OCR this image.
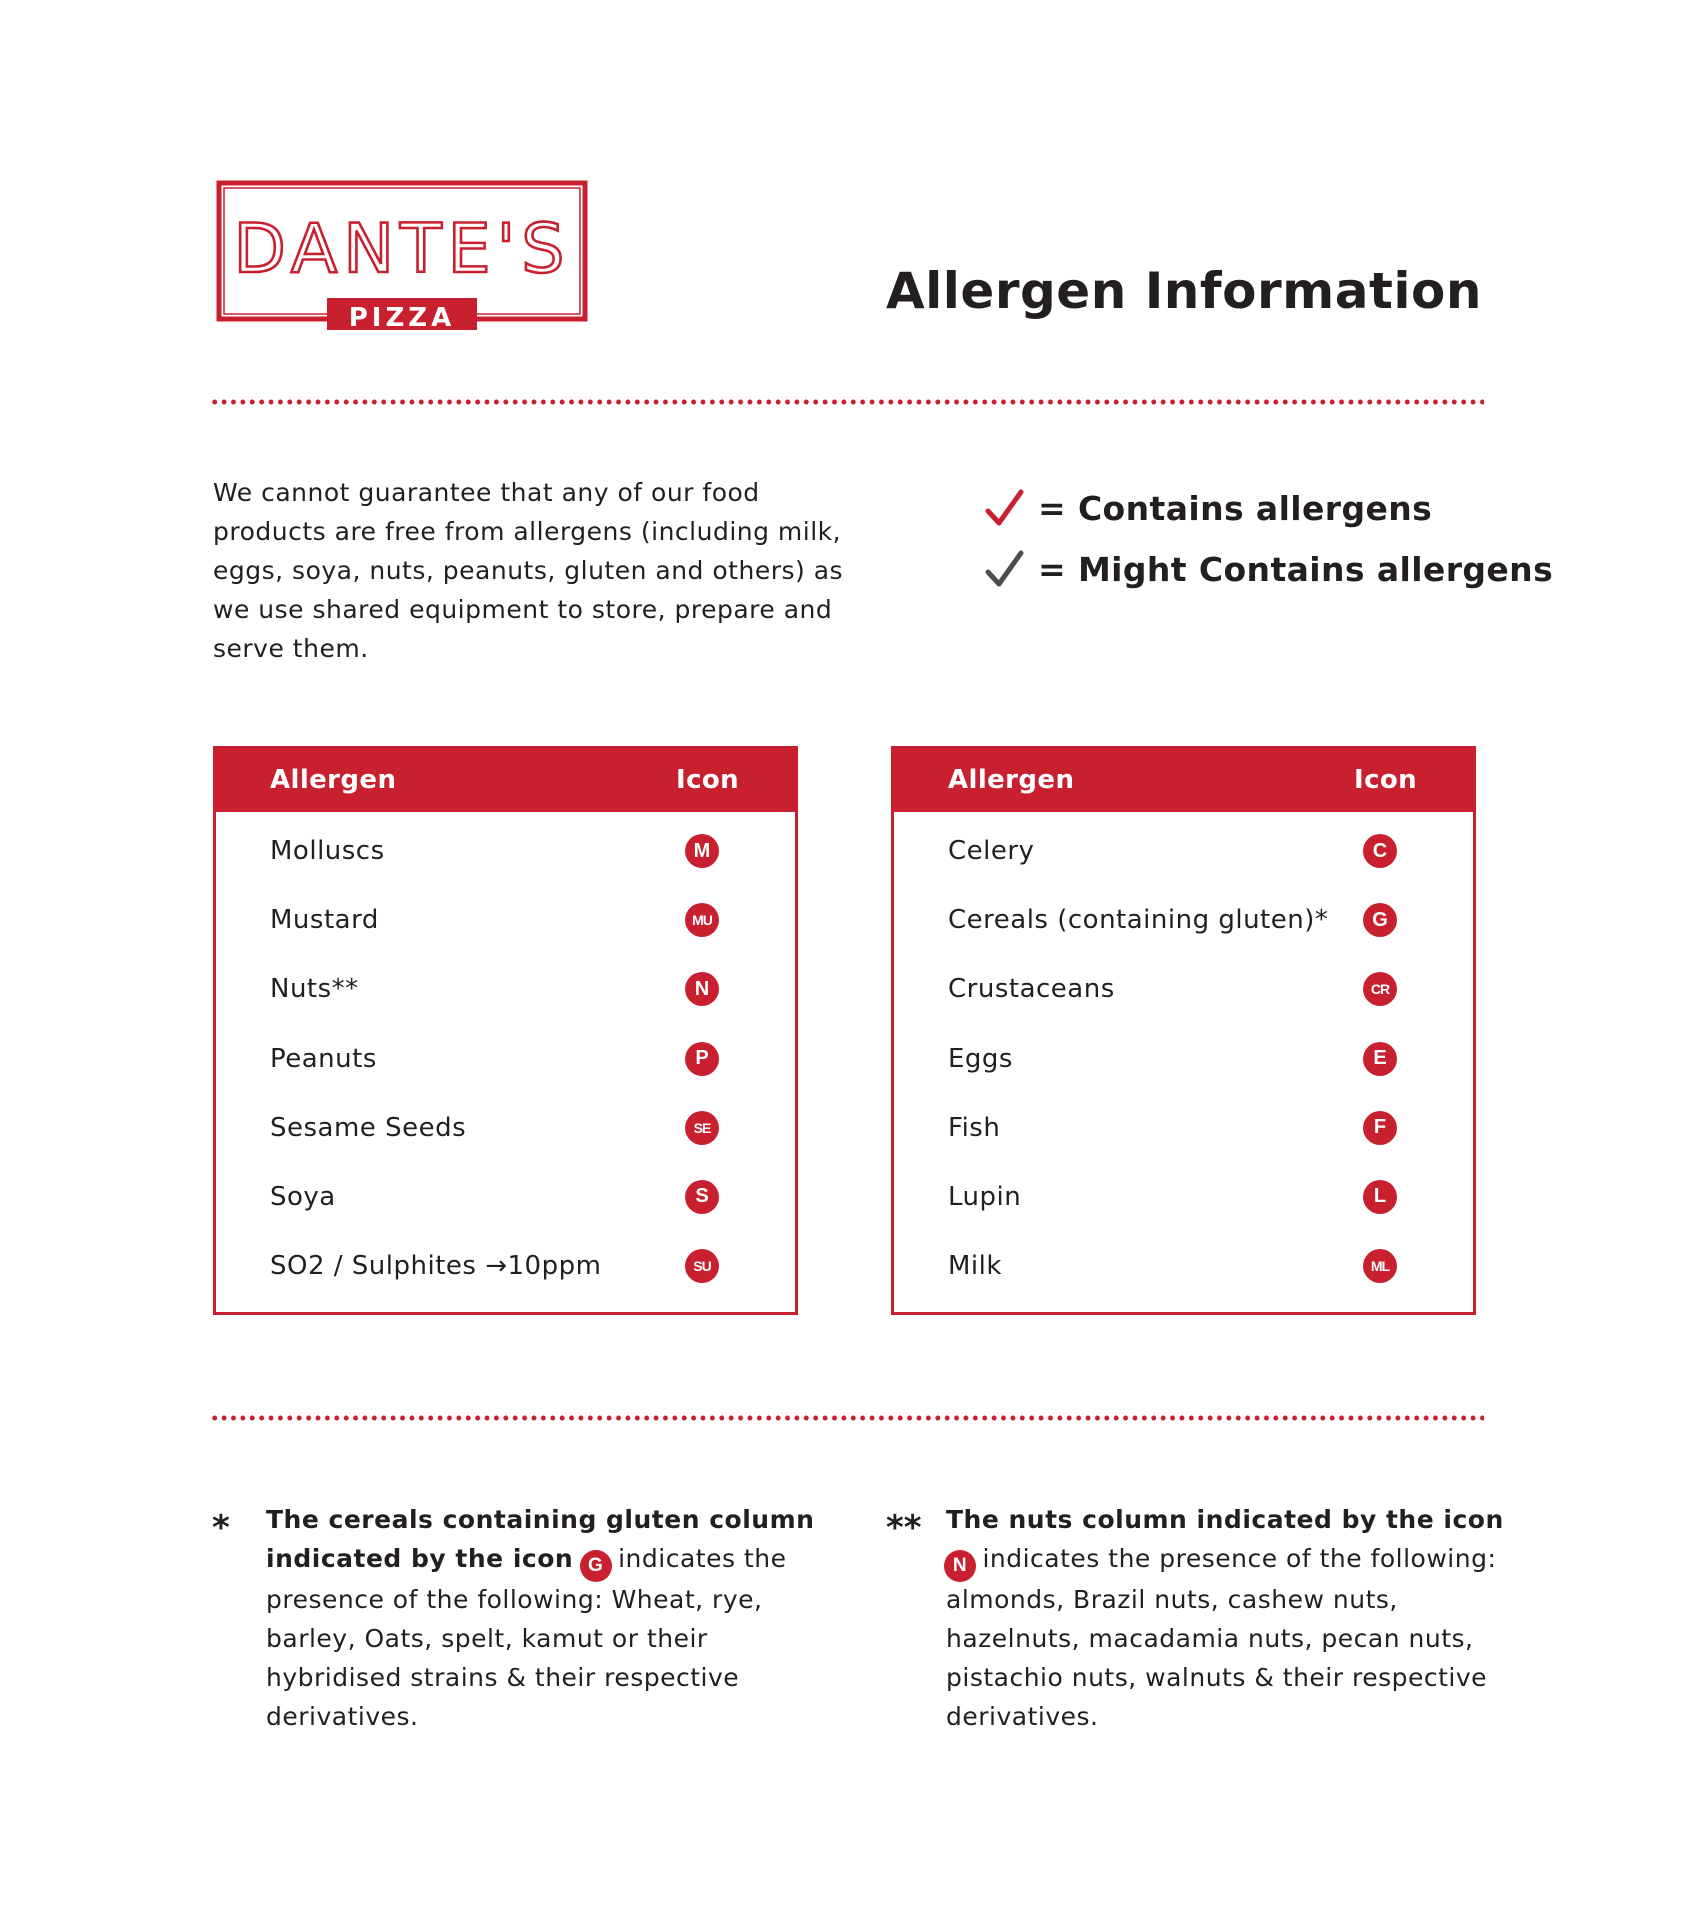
DANTE'S
PIZZA	Allergen Information

We cannot guarantee that any of our food products are free from allergens (including milk, eggs, soya, nuts, peanuts, gluten and others) as we use shared equipment to store, prepare and serve them.

= Contains allergens
= Might Contains allergens
Allergen	Icon
Molluscs	M
Mustard	MU
Nuts**	N
Peanuts	P
Sesame Seeds	SE
Soya	S
SO2 / Sulphites →10ppm	SU
Allergen	Icon
Celery	C
Cereals (containing gluten)*	G
Crustaceans	CR
Eggs	E
Fish	F
Lupin	L
Milk	ML
* The cereals containing gluten column indicated by the icon G indicates the presence of the following: Wheat, rye, barley, Oats, spelt, kamut or their hybridised strains & their respective derivatives.

** The nuts column indicated by the icon N indicates the presence of the following: almonds, Brazil nuts, cashew nuts, hazelnuts, macadamia nuts, pecan nuts, pistachio nuts, walnuts & their respective derivatives.
